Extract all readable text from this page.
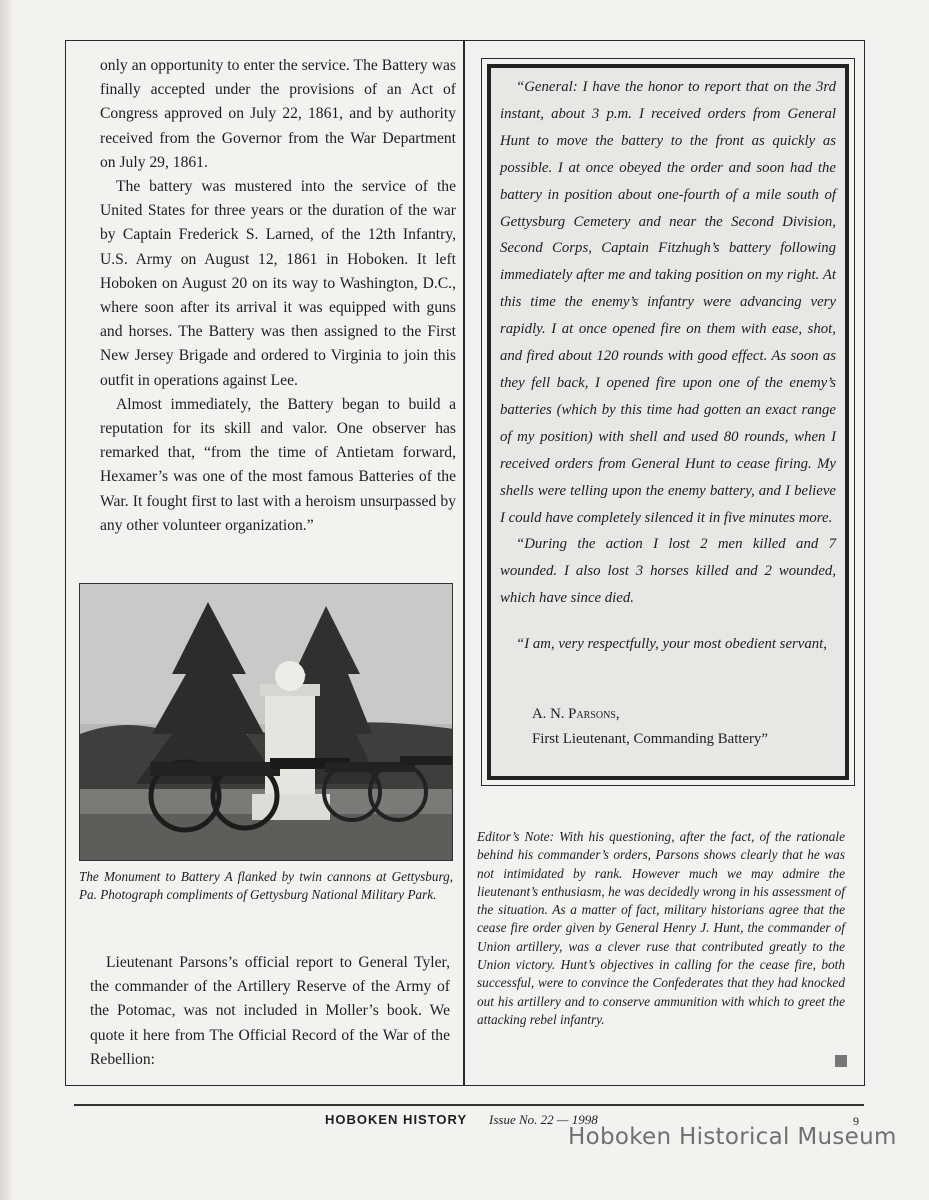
only an opportunity to enter the service. The Battery was finally accepted under the provisions of an Act of Congress approved on July 22, 1861, and by authority received from the Governor from the War Department on July 29, 1861.

The battery was mustered into the service of the United States for three years or the duration of the war by Captain Frederick S. Larned, of the 12th Infantry, U.S. Army on August 12, 1861 in Hoboken. It left Hoboken on August 20 on its way to Washington, D.C., where soon after its arrival it was equipped with guns and horses. The Battery was then assigned to the First New Jersey Brigade and ordered to Virginia to join this outfit in operations against Lee.

Almost immediately, the Battery began to build a reputation for its skill and valor. One observer has remarked that, “from the time of Antietam forward, Hexamer’s was one of the most famous Batteries of the War. It fought first to last with a heroism unsurpassed by any other volunteer organization.”

The Monument to Battery A flanked by twin cannons at Gettysburg, Pa. Photograph compliments of Gettysburg National Military Park.

Lieutenant Parsons’s official report to General Tyler, the commander of the Artillery Reserve of the Army of the Potomac, was not included in Moller’s book. We quote it here from The Official Record of the War of the Rebellion:

“General: I have the honor to report that on the 3rd instant, about 3 p.m. I received orders from General Hunt to move the battery to the front as quickly as possible. I at once obeyed the order and soon had the battery in position about one-fourth of a mile south of Gettysburg Cemetery and near the Second Division, Second Corps, Captain Fitzhugh’s battery following immediately after me and taking position on my right. At this time the enemy’s infantry were advancing very rapidly. I at once opened fire on them with ease, shot, and fired about 120 rounds with good effect. As soon as they fell back, I opened fire upon one of the enemy’s batteries (which by this time had gotten an exact range of my position) with shell and used 80 rounds, when I received orders from General Hunt to cease firing. My shells were telling upon the enemy battery, and I believe I could have completely silenced it in five minutes more.

“During the action I lost 2 men killed and 7 wounded. I also lost 3 horses killed and 2 wounded, which have since died.

“I am, very respectfully, your most obedient servant,

A. N. Parsons,
First Lieutenant, Commanding Battery”
Editor’s Note: With his questioning, after the fact, of the rationale behind his commander’s orders, Parsons shows clearly that he was not intimidated by rank. However much we may admire the lieutenant’s enthusiasm, he was decidedly wrong in his assessment of the situation. As a matter of fact, military historians agree that the cease fire order given by General Henry J. Hunt, the commander of Union artillery, was a clever ruse that contributed greatly to the Union victory. Hunt’s objectives in calling for the cease fire, both successful, were to convince the Confederates that they had knocked out his artillery and to conserve ammunition with which to greet the attacking rebel infantry.
HOBOKEN HISTORY Issue No. 22 — 1998	9
Hoboken Historical Museum
